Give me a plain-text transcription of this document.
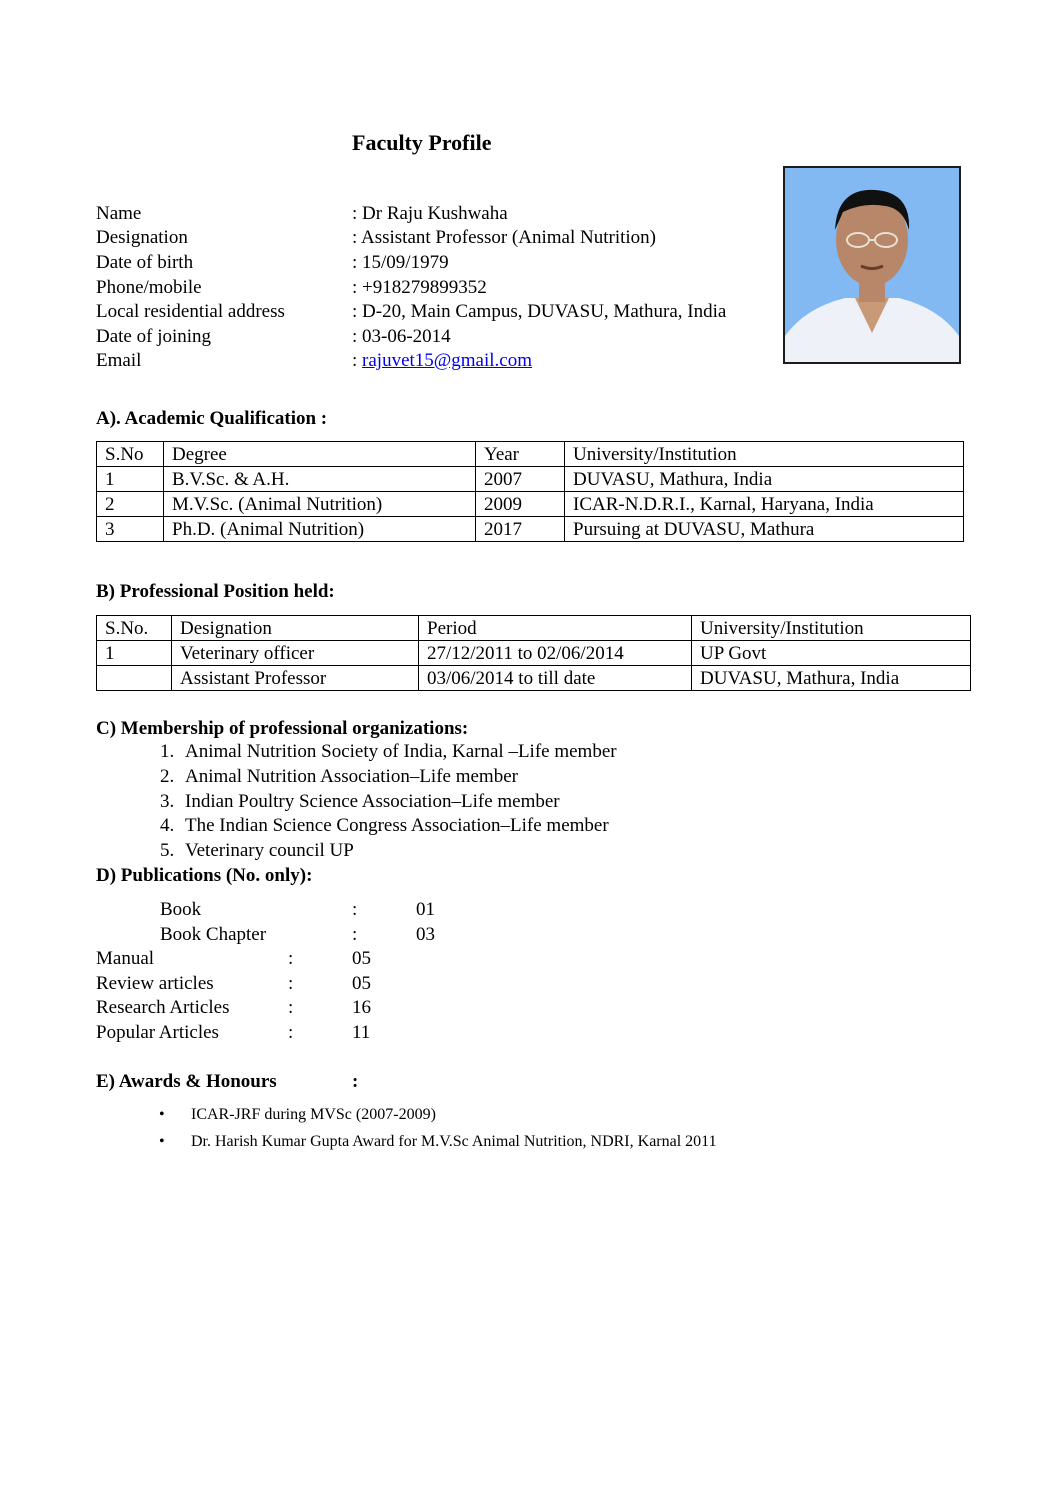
Faculty Profile
Name	: Dr Raju Kushwaha
Designation	: Assistant Professor (Animal Nutrition)
Date of birth	: 15/09/1979
Phone/mobile	: +918279899352
Local residential address	: D-20, Main Campus, DUVASU, Mathura, India
Date of joining	: 03-06-2014
Email	: rajuvet15@gmail.com
A). Academic Qualification :
S.No	Degree	Year	University/Institution
1	B.V.Sc. & A.H.	2007	DUVASU, Mathura, India
2	M.V.Sc. (Animal Nutrition)	2009	ICAR-N.D.R.I., Karnal, Haryana, India
3	Ph.D. (Animal Nutrition)	2017	Pursuing at DUVASU, Mathura
B) Professional Position held:
S.No.	Designation	Period	University/Institution
1	Veterinary officer	27/12/2011 to 02/06/2014	UP Govt
	Assistant Professor	03/06/2014 to till date	DUVASU, Mathura, India
C) Membership of professional organizations:
1. Animal Nutrition Society of India, Karnal –Life member
2. Animal Nutrition Association–Life member
3. Indian Poultry Science Association–Life member
4. The Indian Science Congress Association–Life member
5. Veterinary council UP
D) Publications (No. only):
Book	:	01
Book Chapter	:	03
Manual	:	05
Review articles	:	05
Research Articles	:	16
Popular Articles	:	11
E) Awards & Honours	:
• ICAR-JRF during MVSc (2007-2009)
• Dr. Harish Kumar Gupta Award for M.V.Sc Animal Nutrition, NDRI, Karnal 2011
